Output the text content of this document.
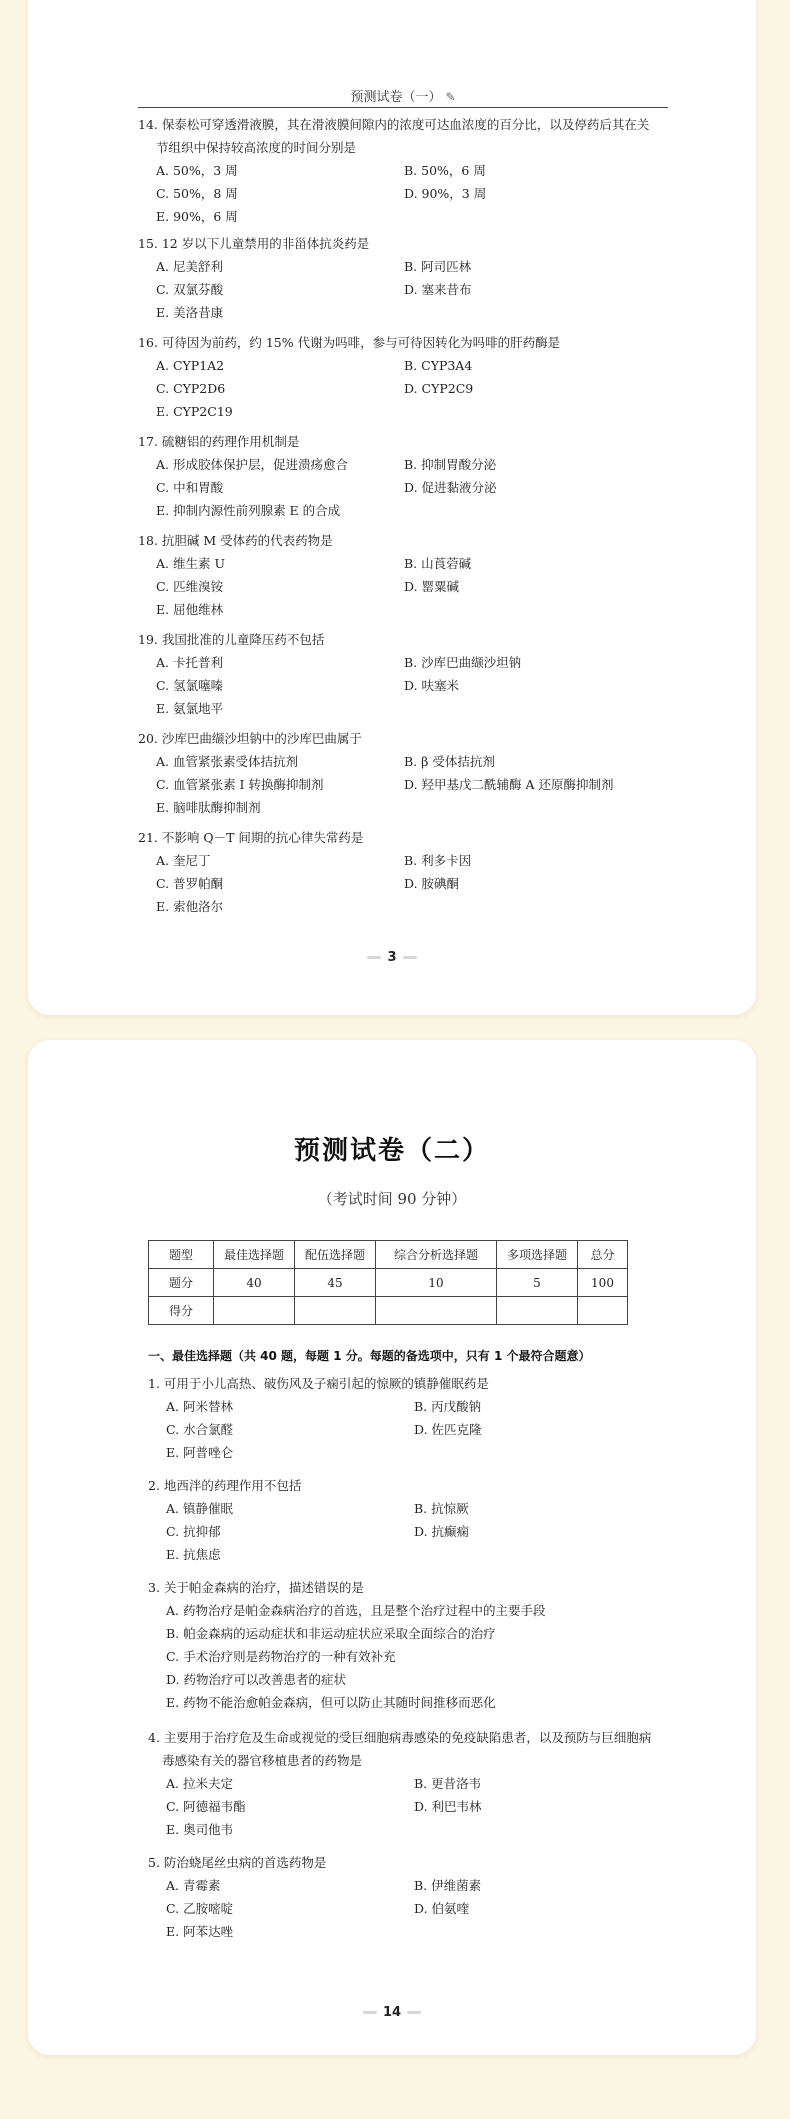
预测试卷（一） ✎

14. 保泰松可穿透滑液膜，其在滑液膜间隙内的浓度可达血浓度的百分比，以及停药后其在关

节组织中保持较高浓度的时间分别是

A. 50%，3 周	B. 50%，6 周
C. 50%，8 周	D. 90%，3 周
E. 90%，6 周

15. 12 岁以下儿童禁用的非甾体抗炎药是

A. 尼美舒利	B. 阿司匹林
C. 双氯芬酸	D. 塞来昔布
E. 美洛昔康

16. 可待因为前药，约 15% 代谢为吗啡，参与可待因转化为吗啡的肝药酶是

A. CYP1A2	B. CYP3A4
C. CYP2D6	D. CYP2C9
E. CYP2C19

17. 硫糖铝的药理作用机制是

A. 形成胶体保护层，促进溃疡愈合	B. 抑制胃酸分泌
C. 中和胃酸	D. 促进黏液分泌
E. 抑制内源性前列腺素 E 的合成

18. 抗胆碱 M 受体药的代表药物是

A. 维生素 U	B. 山莨菪碱
C. 匹维溴铵	D. 罂粟碱
E. 屈他维林

19. 我国批准的儿童降压药不包括

A. 卡托普利	B. 沙库巴曲缬沙坦钠
C. 氢氯噻嗪	D. 呋塞米
E. 氨氯地平

20. 沙库巴曲缬沙坦钠中的沙库巴曲属于

A. 血管紧张素受体拮抗剂	B. β 受体拮抗剂
C. 血管紧张素 I 转换酶抑制剂	D. 羟甲基戊二酰辅酶 A 还原酶抑制剂
E. 脑啡肽酶抑制剂

21. 不影响 Q－T 间期的抗心律失常药是

A. 奎尼丁	B. 利多卡因
C. 普罗帕酮	D. 胺碘酮
E. 索他洛尔
3
预测试卷（二）
（考试时间 90 分钟）
题型	最佳选择题	配伍选择题	综合分析选择题	多项选择题	总分
题分	40	45	10	5	100
得分					
一、最佳选择题（共 40 题，每题 1 分。每题的备选项中，只有 1 个最符合题意）

1. 可用于小儿高热、破伤风及子痫引起的惊厥的镇静催眠药是

A. 阿米替林	B. 丙戊酸钠
C. 水合氯醛	D. 佐匹克隆
E. 阿普唑仑

2. 地西泮的药理作用不包括

A. 镇静催眠	B. 抗惊厥
C. 抗抑郁	D. 抗癫痫
E. 抗焦虑

3. 关于帕金森病的治疗，描述错误的是

A. 药物治疗是帕金森病治疗的首选，且是整个治疗过程中的主要手段
B. 帕金森病的运动症状和非运动症状应采取全面综合的治疗
C. 手术治疗则是药物治疗的一种有效补充
D. 药物治疗可以改善患者的症状
E. 药物不能治愈帕金森病，但可以防止其随时间推移而恶化

4. 主要用于治疗危及生命或视觉的受巨细胞病毒感染的免疫缺陷患者，以及预防与巨细胞病

毒感染有关的器官移植患者的药物是

A. 拉米夫定	B. 更昔洛韦
C. 阿德福韦酯	D. 利巴韦林
E. 奥司他韦

5. 防治蛲尾丝虫病的首选药物是

A. 青霉素	B. 伊维菌素
C. 乙胺嘧啶	D. 伯氨喹
E. 阿苯达唑
14
